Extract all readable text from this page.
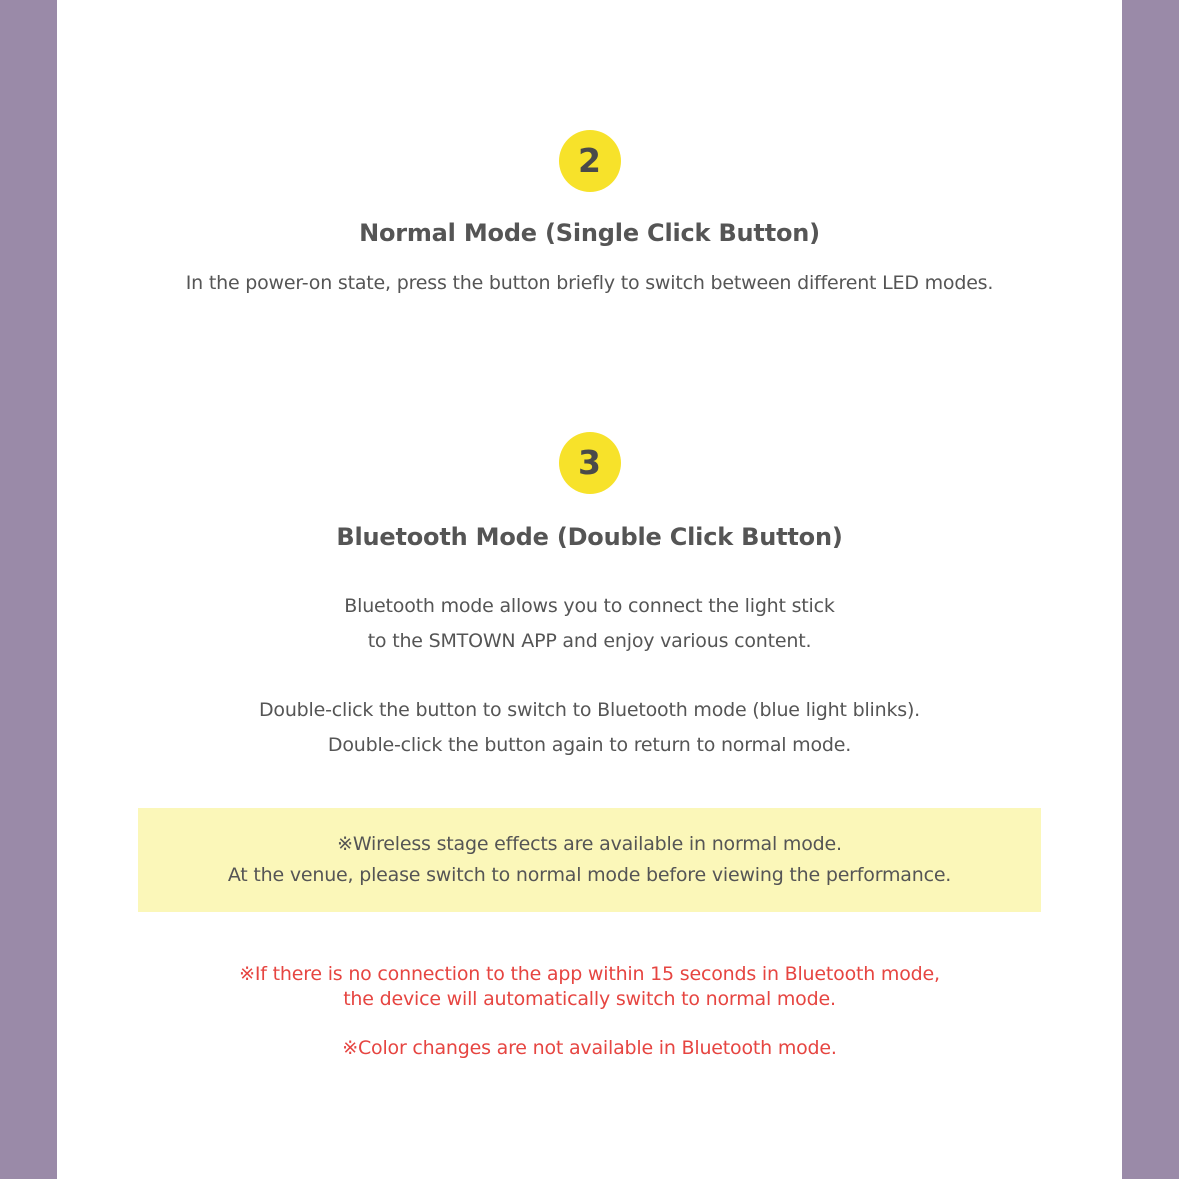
2
Normal Mode (Single Click Button)
In the power-on state, press the button briefly to switch between different LED modes.
3
Bluetooth Mode (Double Click Button)
Bluetooth mode allows you to connect the light stick
to the SMTOWN APP and enjoy various content.
Double-click the button to switch to Bluetooth mode (blue light blinks).
Double-click the button again to return to normal mode.
※Wireless stage effects are available in normal mode.
At the venue, please switch to normal mode before viewing the performance.
※If there is no connection to the app within 15 seconds in Bluetooth mode,
the device will automatically switch to normal mode.
※Color changes are not available in Bluetooth mode.
